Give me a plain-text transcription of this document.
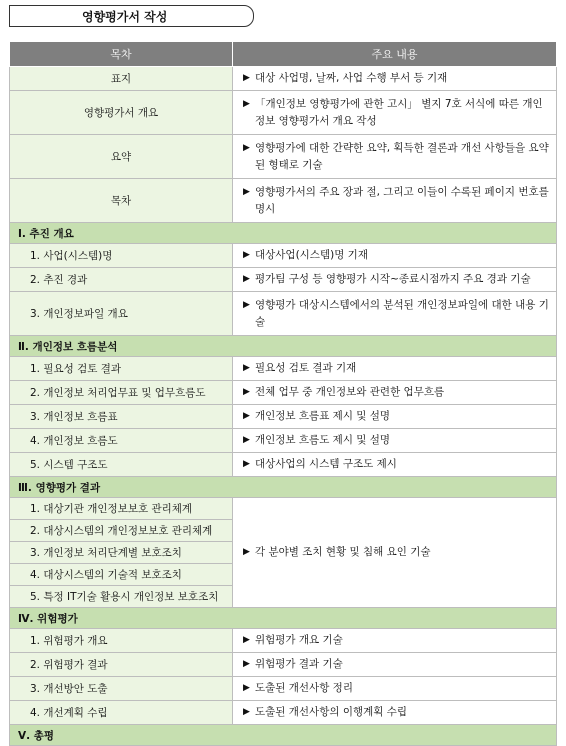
영향평가서 작성
목차	주요 내용
표지	▶ 대상 사업명, 날짜, 사업 수행 부서 등 기재

영향평가서 개요	▶ 「개인정보 영향평가에 관한 고시」 별지 7호 서식에 따른 개인정보 영향평가서 개요 작성

요약	▶ 영향평가에 대한 간략한 요약, 획득한 결론과 개선 사항들을 요약된 형태로 기술

목차	▶ 영향평가서의 주요 장과 절, 그리고 이들이 수록된 페이지 번호를 명시

Ⅰ. 추진 개요	
1. 사업(시스템)명	▶ 대상사업(시스템)명 기재

2. 추진 경과	▶ 평가팀 구성 등 영향평가 시작~종료시점까지 주요 경과 기술

3. 개인정보파일 개요	▶ 영향평가 대상시스템에서의 분석된 개인정보파일에 대한 내용 기술

Ⅱ. 개인정보 흐름분석	
1. 필요성 검토 결과	▶ 필요성 검토 결과 기재

2. 개인정보 처리업무표 및 업무흐름도	▶ 전체 업무 중 개인정보와 관련한 업무흐름

3. 개인정보 흐름표	▶ 개인정보 흐름표 제시 및 설명

4. 개인정보 흐름도	▶ 개인정보 흐름도 제시 및 설명

5. 시스템 구조도	▶ 대상사업의 시스템 구조도 제시

Ⅲ. 영향평가 결과	
1. 대상기관 개인정보보호 관리체계	▶ 각 분야별 조치 현황 및 침해 요인 기술

2. 대상시스템의 개인정보보호 관리체계	
3. 개인정보 처리단계별 보호조치	
4. 대상시스템의 기술적 보호조치	
5. 특정 IT기술 활용시 개인정보 보호조치	
Ⅳ. 위험평가	
1. 위험평가 개요	▶ 위험평가 개요 기술

2. 위험평가 결과	▶ 위험평가 결과 기술

3. 개선방안 도출	▶ 도출된 개선사항 정리

4. 개선계획 수립	▶ 도출된 개선사항의 이행계획 수립

Ⅴ. 총평	
